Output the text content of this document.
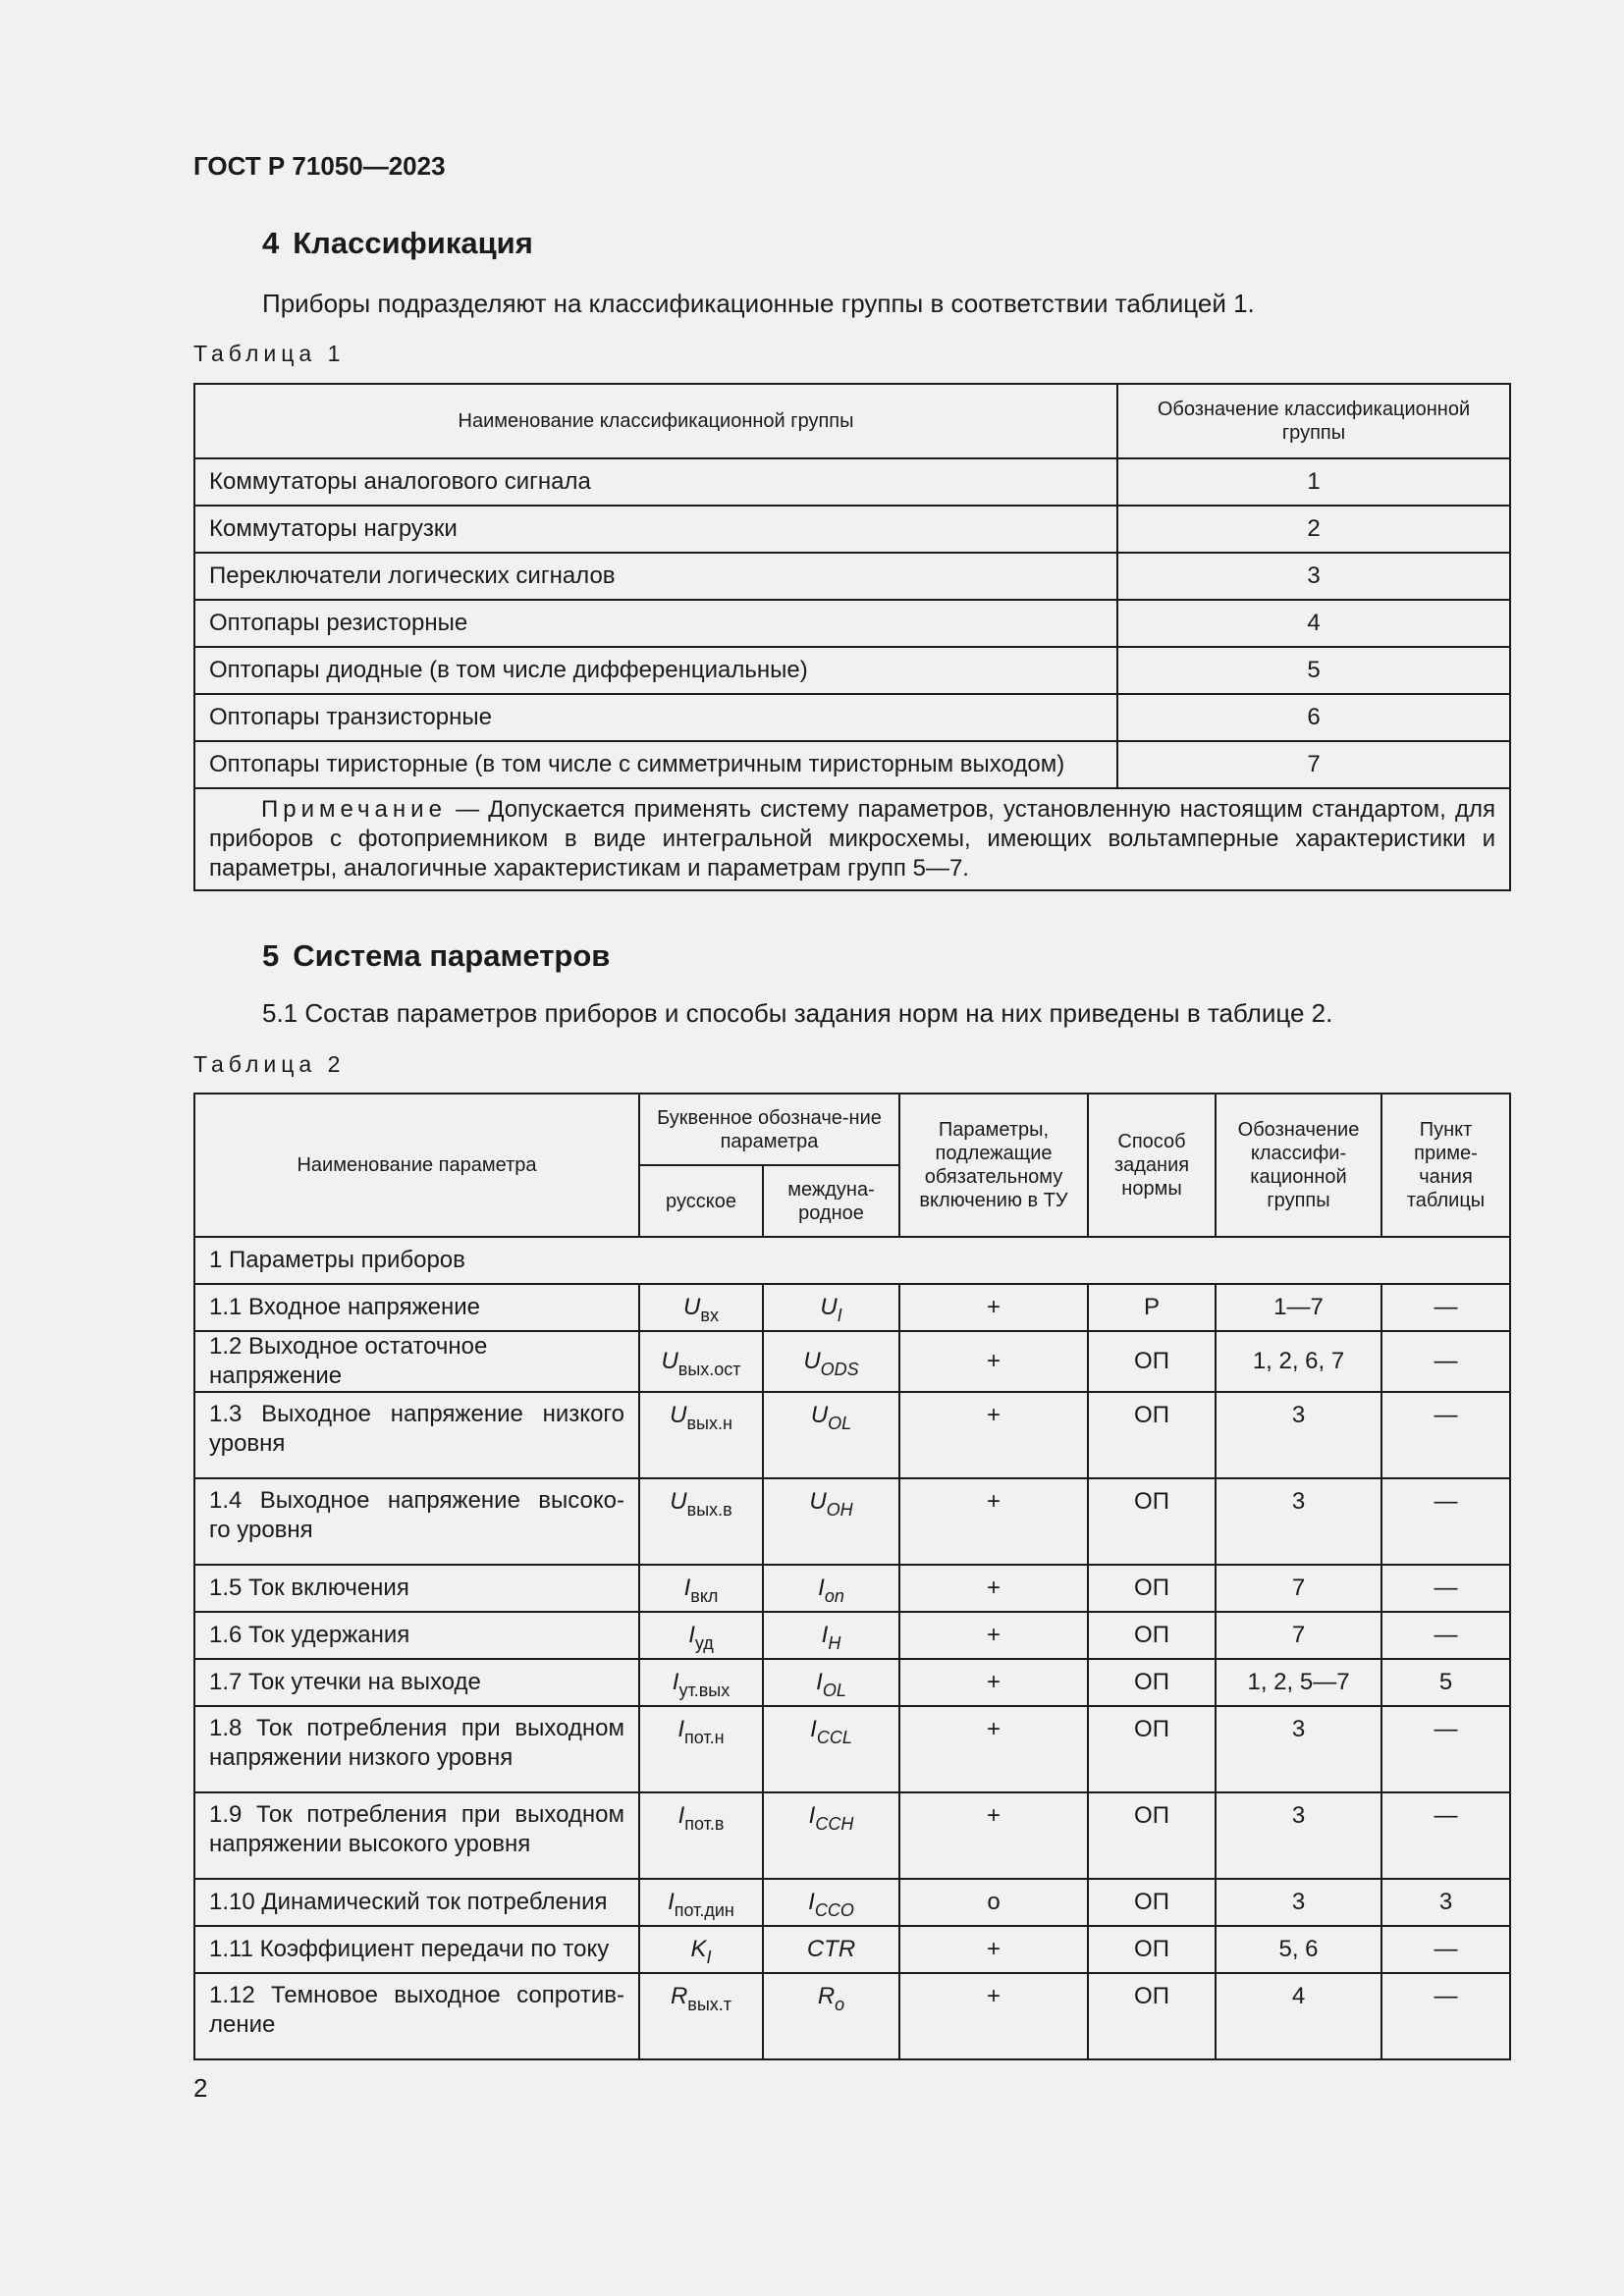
ГОСТ Р 71050—2023
4 Классификация
Приборы подразделяют на классификационные группы в соответствии таблицей 1.
Таблица 1
Наименование классификационной группы	Обозначение классификационной группы
Коммутаторы аналогового сигнала	1
Коммутаторы нагрузки	2
Переключатели логических сигналов	3
Оптопары резисторные	4
Оптопары диодные (в том числе дифференциальные)	5
Оптопары транзисторные	6
Оптопары тиристорные (в том числе с симметричным тиристорным выходом)	7
Примечание — Допускается применять систему параметров, установленную настоящим стандартом, для приборов с фотоприемником в виде интегральной микросхемы, имеющих вольтамперные характеристики и параметры, аналогичные характеристикам и параметрам групп 5—7.	
5 Система параметров
5.1 Состав параметров приборов и способы задания норм на них приведены в таблице 2.
Таблица 2
Наименование параметра	Буквенное обозначе-ние параметра		Параметры, подлежащие обязательному включению в ТУ	Способ задания нормы	Обозначение классифи-кационной группы	Пункт приме-чания таблицы
	русское	междуна-родное				
1 Параметры приборов						

1.1 Входное напряжение	$U_{вх}$	$U_I$	+	Р	1—7	—

1.2 Выходное остаточное напряжение	$U_{вых.ост}$	$U_{ODS}$	+	ОП	1, 2, 6, 7	—

1.3 Выходное напряжение низкого
уровня	$U_{вых.н}$	$U_{OL}$	+	ОП	3	—

1.4 Выходное напряжение высоко-
го уровня	$U_{вых.в}$	$U_{OH}$	+	ОП	3	—

1.5 Ток включения	$I_{вкл}$	$I_{on}$	+	ОП	7	—

1.6 Ток удержания	$I_{уд}$	$I_H$	+	ОП	7	—

1.7 Ток утечки на выходе	$I_{ут.вых}$	$I_{OL}$	+	ОП	1, 2, 5—7	5

1.8 Ток потребления при выходном
напряжении низкого уровня	$I_{пот.н}$	$I_{CCL}$	+	ОП	3	—

1.9 Ток потребления при выходном
напряжении высокого уровня	$I_{пот.в}$	$I_{CCH}$	+	ОП	3	—

1.10 Динамический ток потребления	$I_{пот.дин}$	$I_{CCO}$	o	ОП	3	3

1.11 Коэффициент передачи по току	$K_I$	CTR	+	ОП	5, 6	—

1.12 Темновое выходное сопротив-
ление	$R_{вых.т}$	$R_o$	+	ОП	4	—
2
